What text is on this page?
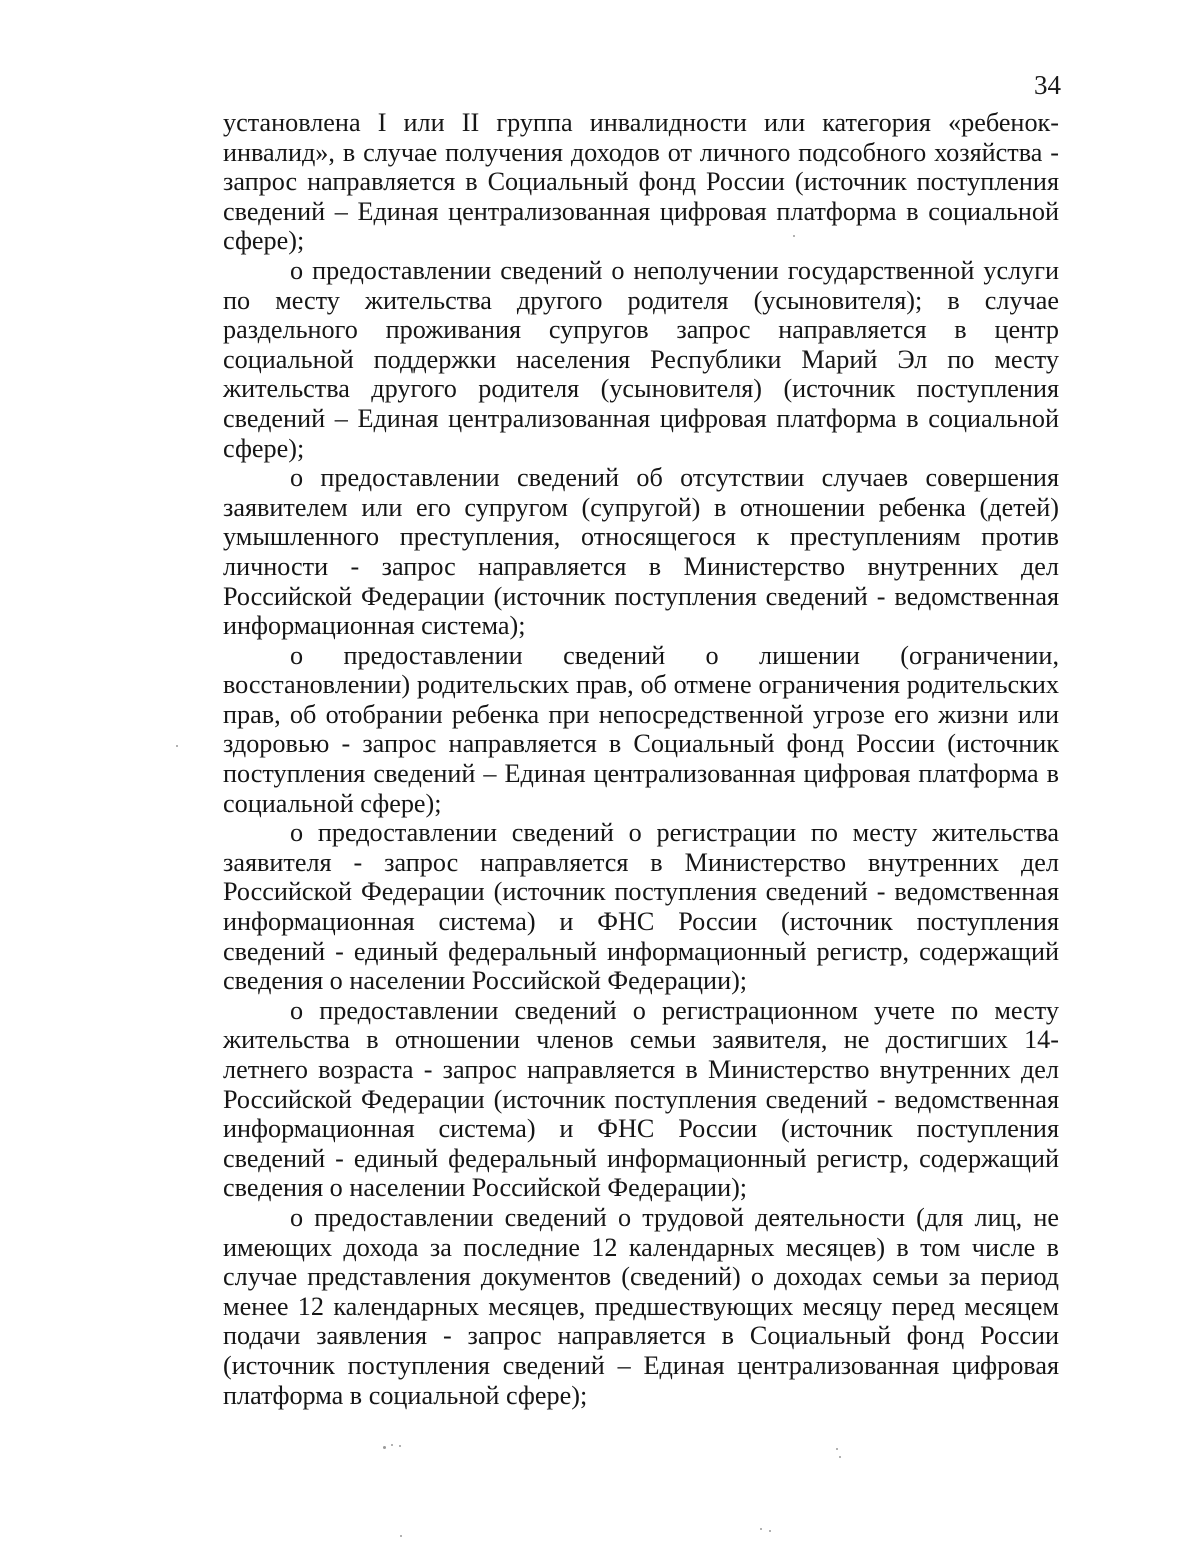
34

установлена I или II группа инвалидности или категория «ребенок-инвалид», в случае получения доходов от личного подсобного хозяйства - запрос направляется в Социальный фонд России (источник поступления сведений – Единая централизованная цифровая платформа в социальной сфере);

о предоставлении сведений о неполучении государственной услуги по месту жительства другого родителя (усыновителя); в случае раздельного проживания супругов запрос направляется в центр социальной поддержки населения Республики Марий Эл по месту жительства другого родителя (усыновителя) (источник поступления сведений – Единая централизованная цифровая платформа в социальной сфере);

о предоставлении сведений об отсутствии случаев совершения заявителем или его супругом (супругой) в отношении ребенка (детей) умышленного преступления, относящегося к преступлениям против личности - запрос направляется в Министерство внутренних дел Российской Федерации (источник поступления сведений - ведомственная информационная система);

о предоставлении сведений о лишении (ограничении, восстановлении) родительских прав, об отмене ограничения родительских прав, об отобрании ребенка при непосредственной угрозе его жизни или здоровью - запрос направляется в Социальный фонд России (источник поступления сведений – Единая централизованная цифровая платформа в социальной сфере);

о предоставлении сведений о регистрации по месту жительства заявителя - запрос направляется в Министерство внутренних дел Российской Федерации (источник поступления сведений - ведомственная информационная система) и ФНС России (источник поступления сведений - единый федеральный информационный регистр, содержащий сведения о населении Российской Федерации);

о предоставлении сведений о регистрационном учете по месту жительства в отношении членов семьи заявителя, не достигших 14-летнего возраста - запрос направляется в Министерство внутренних дел Российской Федерации (источник поступления сведений - ведомственная информационная система) и ФНС России (источник поступления сведений - единый федеральный информационный регистр, содержащий сведения о населении Российской Федерации);

о предоставлении сведений о трудовой деятельности (для лиц, не имеющих дохода за последние 12 календарных месяцев) в том числе в случае представления документов (сведений) о доходах семьи за период менее 12 календарных месяцев, предшествующих месяцу перед месяцем подачи заявления - запрос направляется в Социальный фонд России (источник поступления сведений – Единая централизованная цифровая платформа в социальной сфере);
